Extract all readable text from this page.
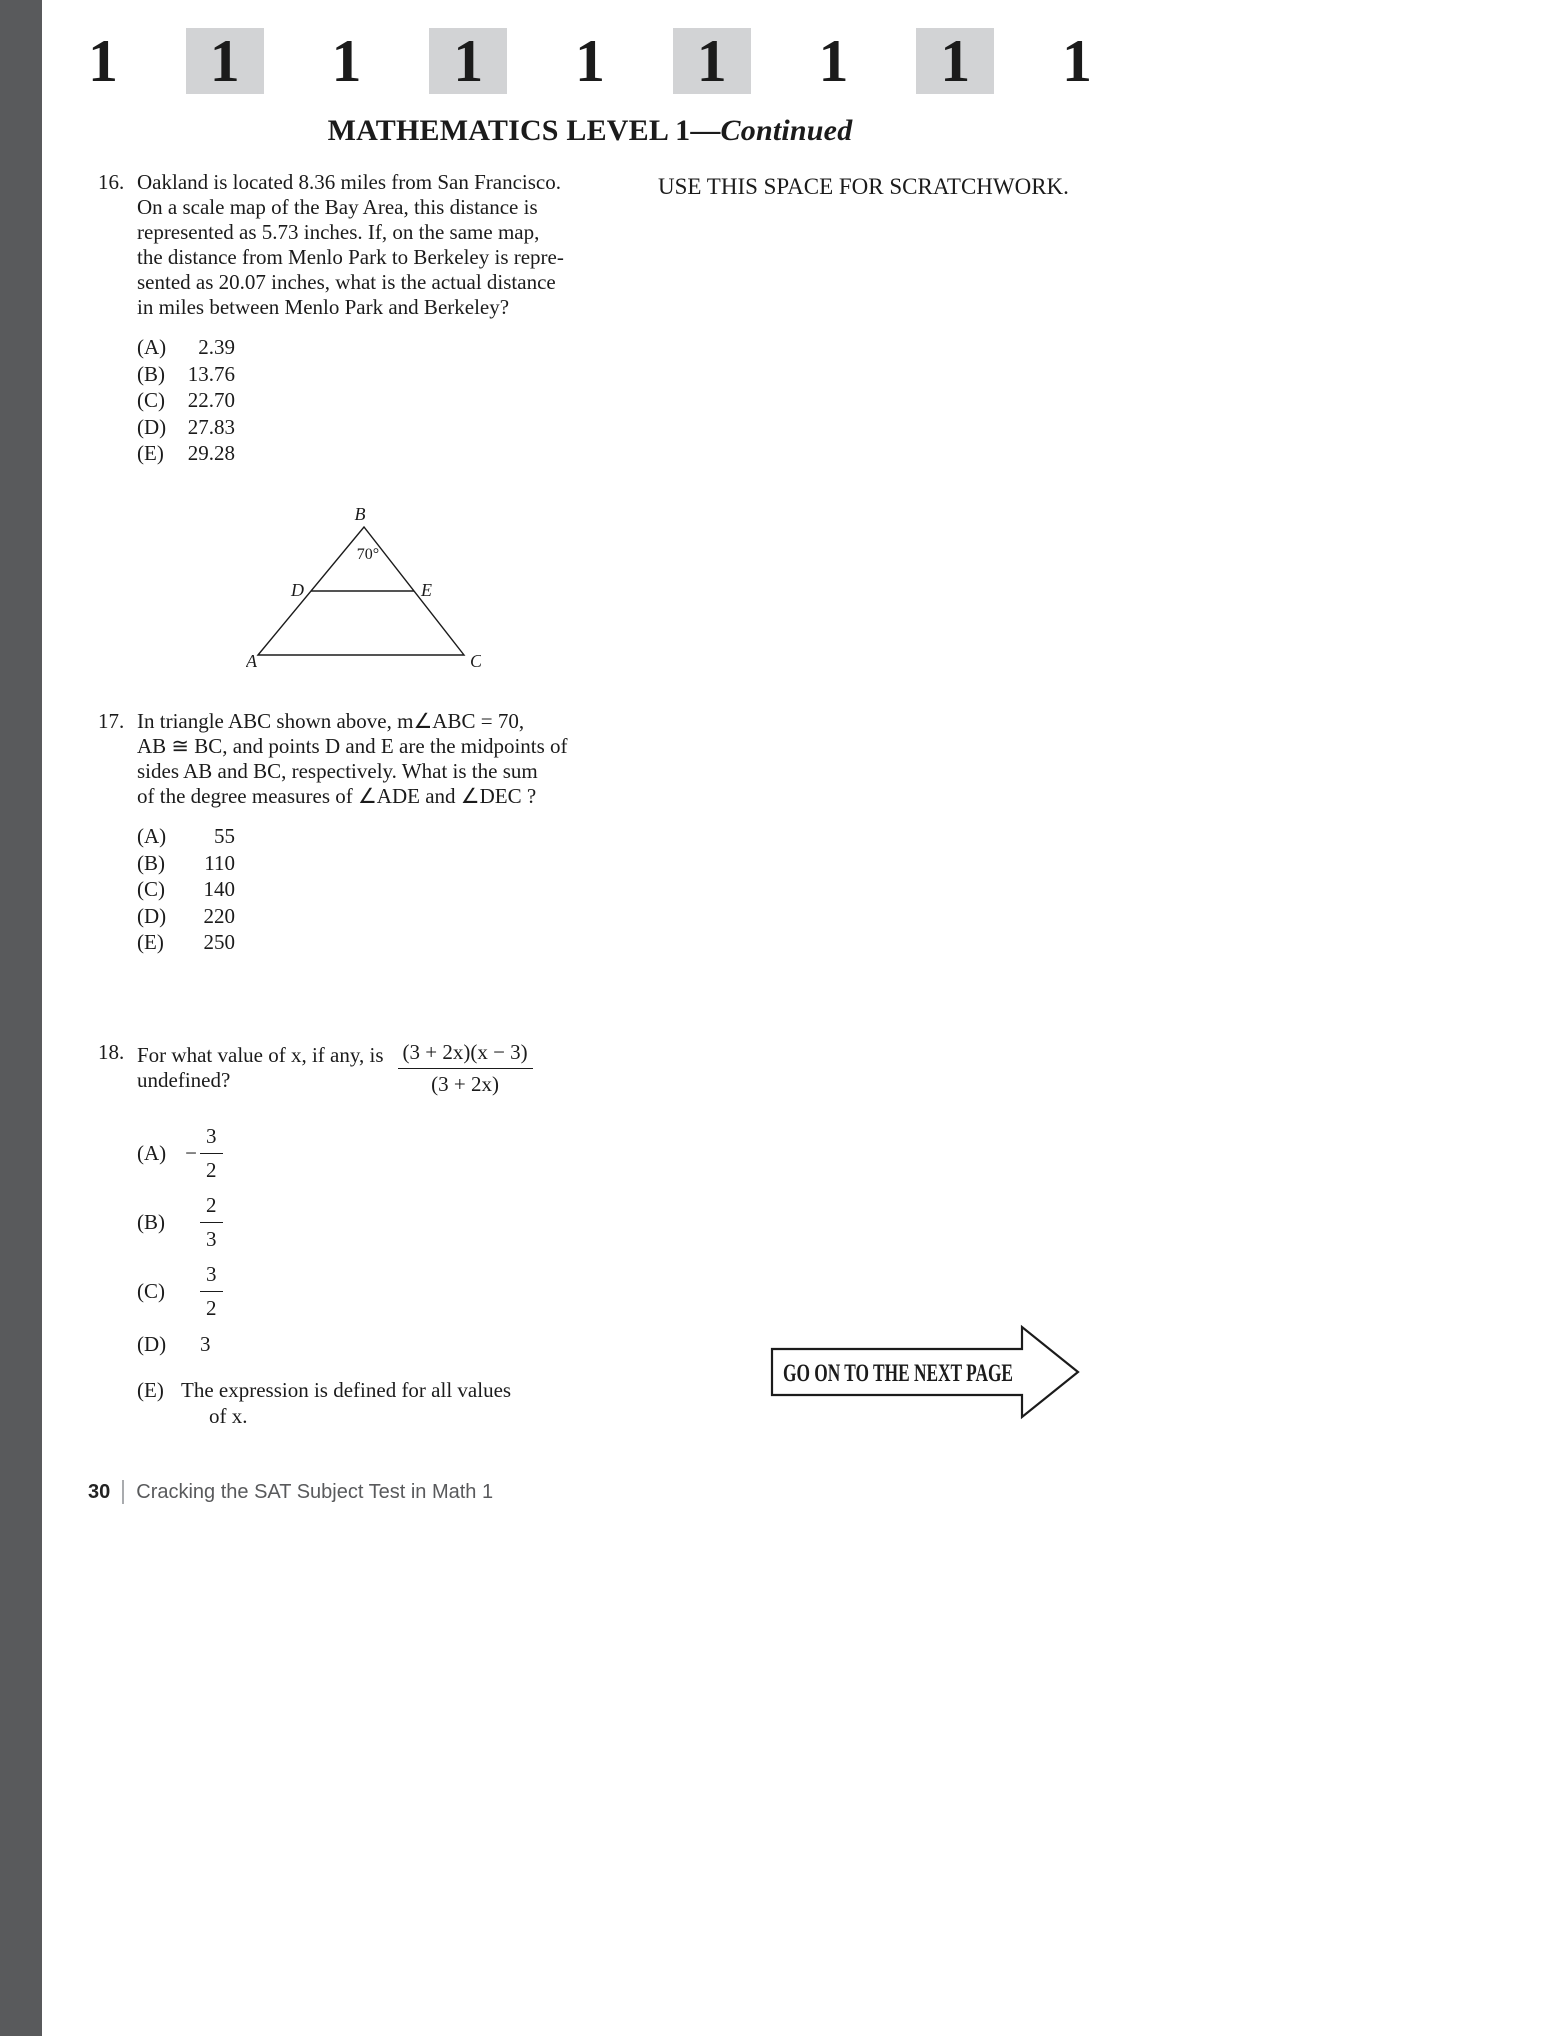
1	1	1	1	1	1	1	1	1
MATHEMATICS LEVEL 1—Continued
USE THIS SPACE FOR SCRATCHWORK.
16. Oakland is located 8.36 miles from San Francisco.
On a scale map of the Bay Area, this distance is
represented as 5.73 inches. If, on the same map,
the distance from Menlo Park to Berkeley is repre-
sented as 20.07 inches, what is the actual distance
in miles between Menlo Park and Berkeley?
(A)	2.39
(B)	13.76
(C)	22.70
(D)	27.83
(E)	29.28
B
70°
D	E
A	C
17. In triangle ABC shown above, m∠ABC = 70,
AB ≅ BC, and points D and E are the midpoints of
sides AB and BC, respectively. What is the sum
of the degree measures of ∠ADE and ∠DEC ?
(A)	55
(B)	110
(C)	140
(D)	220
(E)	250
18. For what value of x, if any, is
undefined?	$\frac{(3 + 2x)(x - 3)}{(3 + 2x)}$
$(A) - \frac{3}{2}$
(B)	$\frac{2}{3}$
(C)	$\frac{3}{2}$
(D)	3
(E) The expression is defined for all values
of x.
GO ON TO THE NEXT PAGE
30 Cracking the SAT Subject Test in Math 1
